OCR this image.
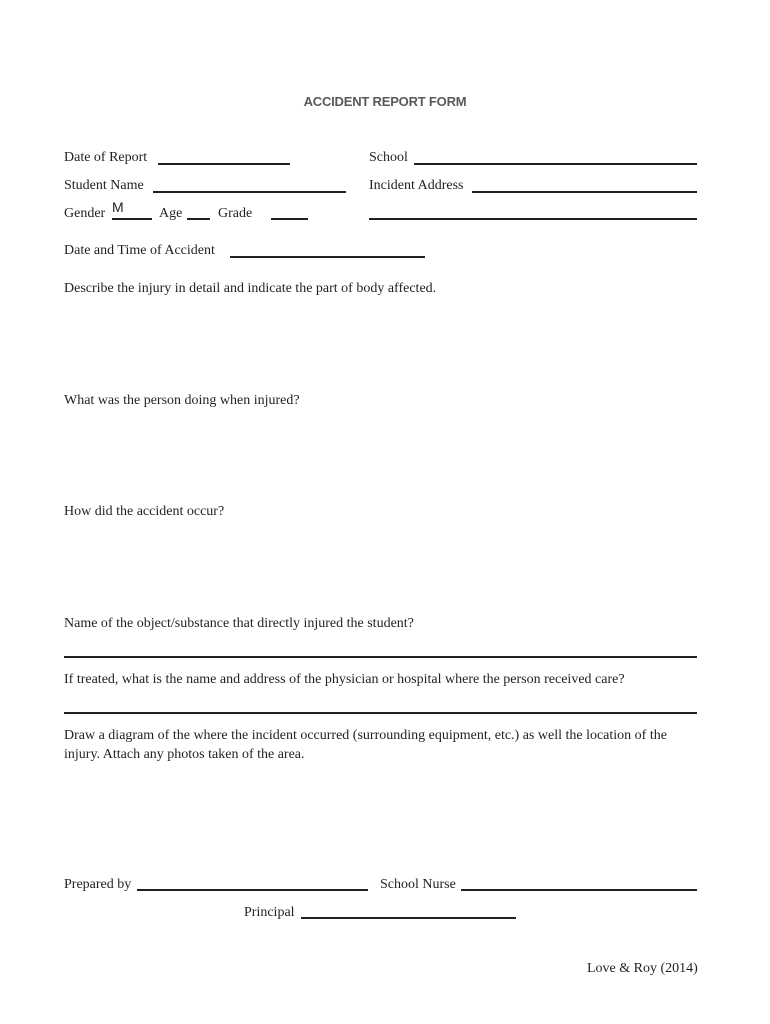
ACCIDENT REPORT FORM
Date of Report	School
Student Name	Incident Address
Gender M	Age	Grade
Date and Time of Accident
Describe the injury in detail and indicate the part of body affected.
What was the person doing when injured?
How did the accident occur?
Name of the object/substance that directly injured the student?
If treated, what is the name and address of the physician or hospital where the person received care?
Draw a diagram of the where the incident occurred (surrounding equipment, etc.) as well the location of the injury. Attach any photos taken of the area.
Prepared by	School Nurse
Principal
Love & Roy (2014)
